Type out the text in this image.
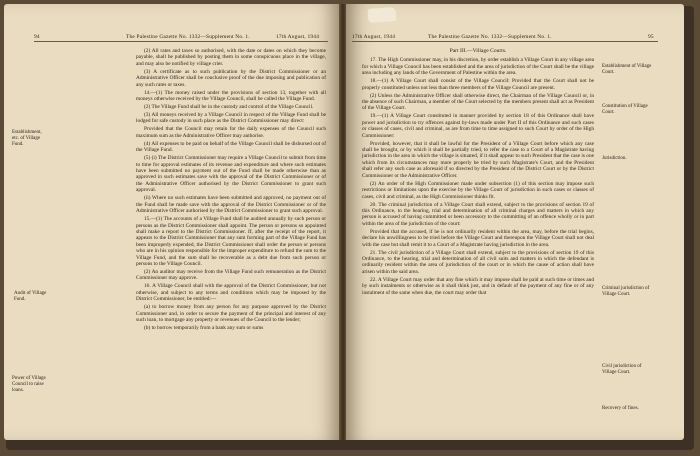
94	The Palestine Gazette No. 1332—Supplement No. 1.	17th August, 1944
Establishment, etc. of Village Fund.
Audit of Village Fund.
Power of Village Council to raise loans.

(2) All rates and taxes so authorised, with the date or dates on which they become payable, shall be published by posting them in some conspicuous place in the village, and may also be notified by village crier.

(3) A certificate as to such publication by the District Commissioner or an Administrative Officer shall be conclusive proof of the due imposing and publication of any such rates or taxes.

14.—(1) The money raised under the provisions of section 13, together with all moneys otherwise received by the Village Council, shall be called the Village Fund.

(2) The Village Fund shall be in the custody and control of the Village Council.

(3) All moneys received by a Village Council in respect of the Village Fund shall be lodged for safe custody in such place as the District Commissioner may direct:

Provided that the Council may retain for the daily expenses of the Council such maximum sum as the Administrative Officer may authorise.

(4) All expenses to be paid on behalf of the Village Council shall be disbursed out of the Village Fund.

(5) (i) The District Commissioner may require a Village Council to submit from time to time for approval estimates of its revenue and expenditure and where such estimates have been submitted no payment out of the Fund shall be made otherwise than as approved in such estimates save with the approval of the District Commissioner or of the Administrative Officer authorised by the District Commissioner to grant such approval.

(ii) Where no such estimates have been submitted and approved, no payment out of the Fund shall be made save with the approval of the District Commissioner or of the Administrative Officer authorised by the District Commissioner to grant such approval.

15.—(1) The accounts of a Village Fund shall be audited annually by such person or persons as the District Commissioner shall appoint. The person or persons so appointed shall make a report to the District Commissioner. If, after the receipt of the report, it appears to the District Commissioner that any sum forming part of the Village Fund has been improperly expended, the District Commissioner shall order the person or persons who are in his opinion responsible for the improper expenditure to refund the sum to the Village Fund, and the sum shall be recoverable as a debt due from such person or persons to the Village Council.

(2) An auditor may receive from the Village Fund such remuneration as the District Commissioner may approve.

16. A Village Council shall with the approval of the District Commissioner, but not otherwise, and subject to any terms and conditions which may be imposed by the District Commissioner, be entitled:—

(a) to borrow money from any person for any purpose approved by the District Commissioner and, in order to secure the payment of the principal and interest of any such loan, to mortgage any property or revenues of the Council to the lender;

(b) to borrow temporarily from a bank any sum or sums

17th August, 1944	The Palestine Gazette No. 1332—Supplement No. 1.	95
Establishment of Village Court.
Constitution of Village Court.
Jurisdiction.
Criminal jurisdiction of Village Court.
Civil jurisdiction of Village Court.
Recovery of fines.

Part III.—Village Courts.

17. The High Commissioner may, in his discretion, by order establish a Village Court in any village area for which a Village Council has been established and the area of jurisdiction of the Court shall be the village area including any lands of the Government of Palestine within the area.

18.—(1) A Village Court shall consist of the Village Council: Provided that the Court shall not be properly constituted unless not less than three members of the Village Council are present.

(2) Unless the Administrative Officer shall otherwise direct, the Chairman of the Village Council or, in the absence of such Chairman, a member of the Court selected by the members present shall act as President of the Village Court.

19.—(1) A Village Court constituted in manner provided by section 18 of this Ordinance shall have power and jurisdiction to try offences against by-laws made under Part II of this Ordinance and such cases or classes of cases, civil and criminal, as are from time to time assigned to such Court by order of the High Commissioner:

Provided, however, that it shall be lawful for the President of a Village Court before which any case shall be brought, or by which it shall be partially tried, to refer the case to a Court of a Magistrate having jurisdiction in the area in which the village is situated, if it shall appear to such President that the case is one which from its circumstances may more properly be tried by such Magistrate's Court, and the President shall refer any such case as aforesaid if so directed by the President of the District Court or by the District Commissioner or the Administrative Officer.

(2) An order of the High Commissioner made under subsection (1) of this section may impose such restrictions or limitations upon the exercise by the Village Court of jurisdiction in such cases or classes of cases, civil and criminal, as the High Commissioner thinks fit.

20. The criminal jurisdiction of a Village Court shall extend, subject to the provisions of section 19 of this Ordinance, to the hearing, trial and determination of all criminal charges and matters in which any person is accused of having committed or been accessory to the committing of an offence wholly or in part within the area of the jurisdiction of the court:

Provided that the accused, if he is not ordinarily resident within the area, may, before the trial begins, declare his unwillingness to be tried before the Village Court and thereupon the Village Court shall not deal with the case but shall remit it to a Court of a Magistrate having jurisdiction in the area.

21. The civil jurisdiction of a Village Court shall extend, subject to the provisions of section 19 of this Ordinance, to the hearing, trial and determination of all civil suits and matters in which the defendant is ordinarily resident within the area of jurisdiction of the court or in which the cause of action shall have arisen within the said area.

22. A Village Court may order that any fine which it may impose shall be paid at such time or times and by such instalments or otherwise as it shall think just, and in default of the payment of any fine or of any instalment of the same when due, the court may order that
